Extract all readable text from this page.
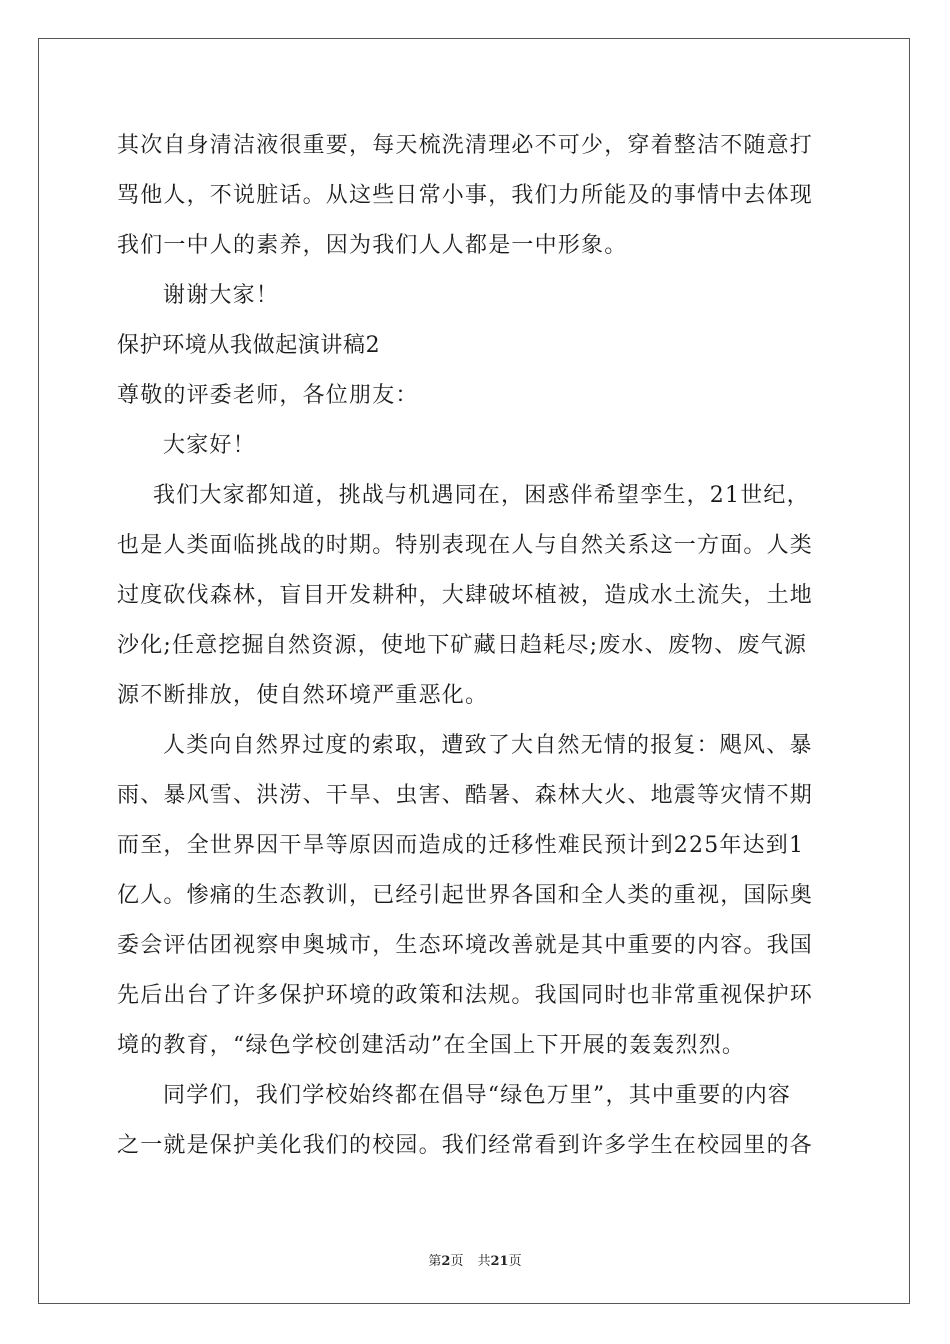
其次自身清洁液很重要，每天梳洗清理必不可少，穿着整洁不随意打
骂他人，不说脏话。从这些日常小事，我们力所能及的事情中去体现
我们一中人的素养，因为我们人人都是一中形象。
谢谢大家！
保护环境从我做起演讲稿2
尊敬的评委老师，各位朋友：
大家好！
我们大家都知道，挑战与机遇同在，困惑伴希望孪生，21世纪，
也是人类面临挑战的时期。特别表现在人与自然关系这一方面。人类
过度砍伐森林，盲目开发耕种，大肆破坏植被，造成水土流失，土地
沙化;任意挖掘自然资源，使地下矿藏日趋耗尽;废水、废物、废气源
源不断排放，使自然环境严重恶化。
人类向自然界过度的索取，遭致了大自然无情的报复：飓风、暴
雨、暴风雪、洪涝、干旱、虫害、酷暑、森林大火、地震等灾情不期
而至，全世界因干旱等原因而造成的迁移性难民预计到225年达到1
亿人。惨痛的生态教训，已经引起世界各国和全人类的重视，国际奥
委会评估团视察申奥城市，生态环境改善就是其中重要的内容。我国
先后出台了许多保护环境的政策和法规。我国同时也非常重视保护环
境的教育，“绿色学校创建活动”在全国上下开展的轰轰烈烈。
同学们，我们学校始终都在倡导“绿色万里”，其中重要的内容
之一就是保护美化我们的校园。我们经常看到许多学生在校园里的各
第2页 共21页
